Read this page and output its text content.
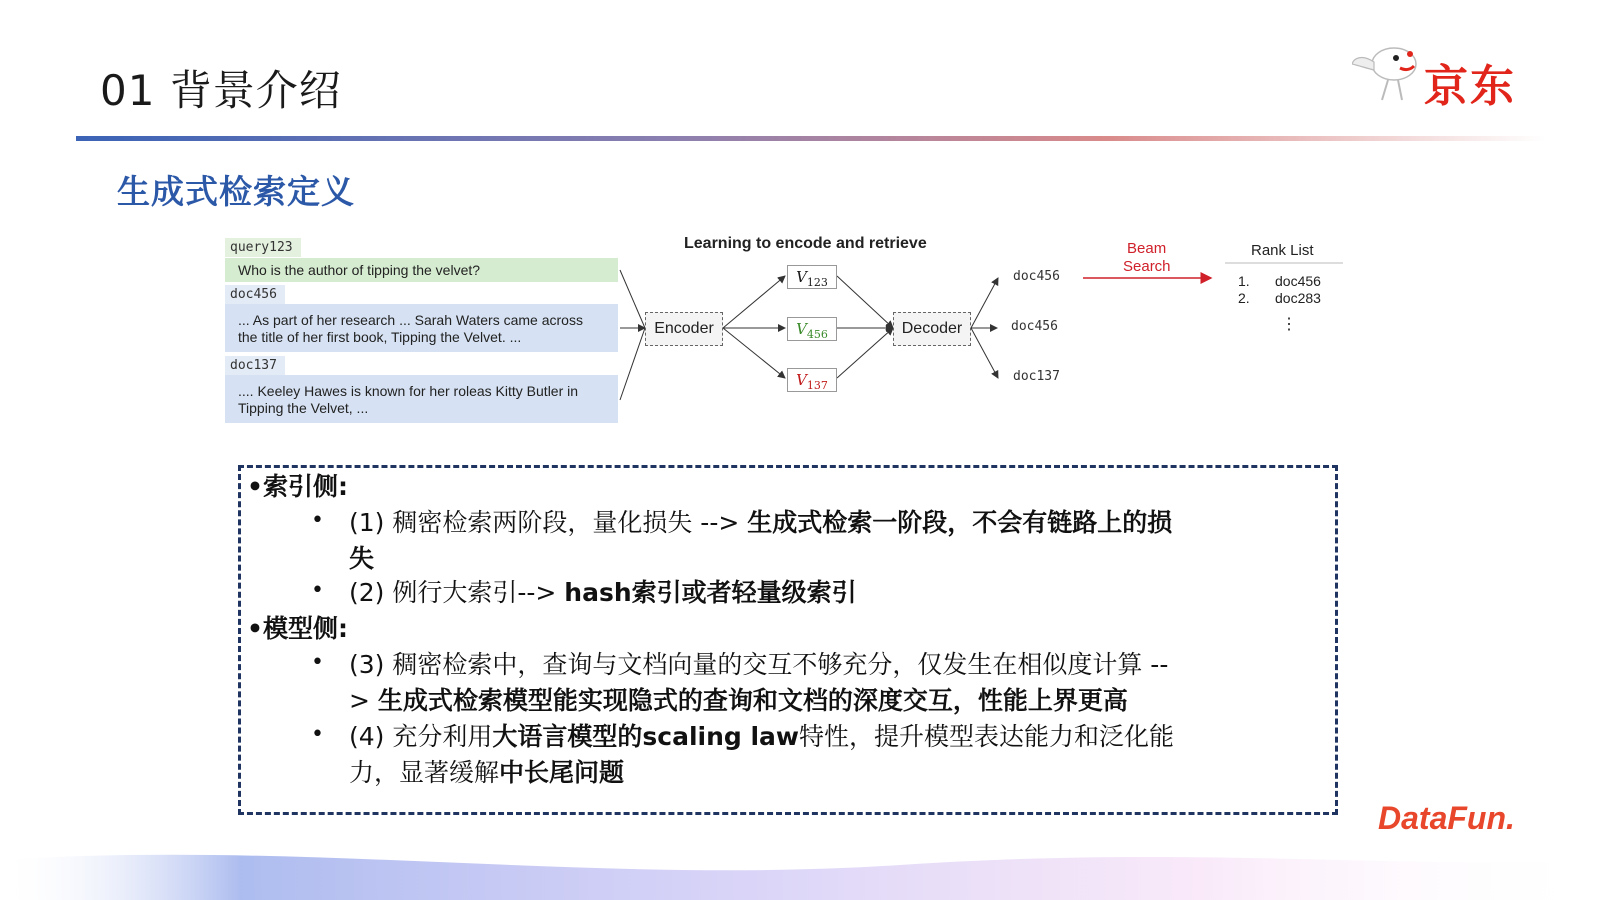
01 背景介绍	京东
生成式检索定义
Learning to encode and retrieve
query123
Who is the author of tipping the velvet?
doc456
... As part of her research ... Sarah Waters came across
the title of her first book, Tipping the Velvet. ...
doc137
.... Keeley Hawes is known for her roleas Kitty Butler in
Tipping the Velvet, ...
Encoder
$V_{123}$
$V_{456}$
$V_{137}$
Decoder
doc456
doc456
doc137
Beam
Search
Rank List
1. doc456
2. doc283
⋮
•索引侧:
• (1) 稠密检索两阶段，量化损失 --> 生成式检索一阶段，不会有链路上的损
失
• (2) 例行大索引--> hash索引或者轻量级索引
•模型侧:
• (3) 稠密检索中，查询与文档向量的交互不够充分，仅发生在相似度计算 --
> 生成式检索模型能实现隐式的查询和文档的深度交互，性能上界更高
• (4) 充分利用大语言模型的scaling law特性，提升模型表达能力和泛化能
力，显著缓解中长尾问题
DataFun.
